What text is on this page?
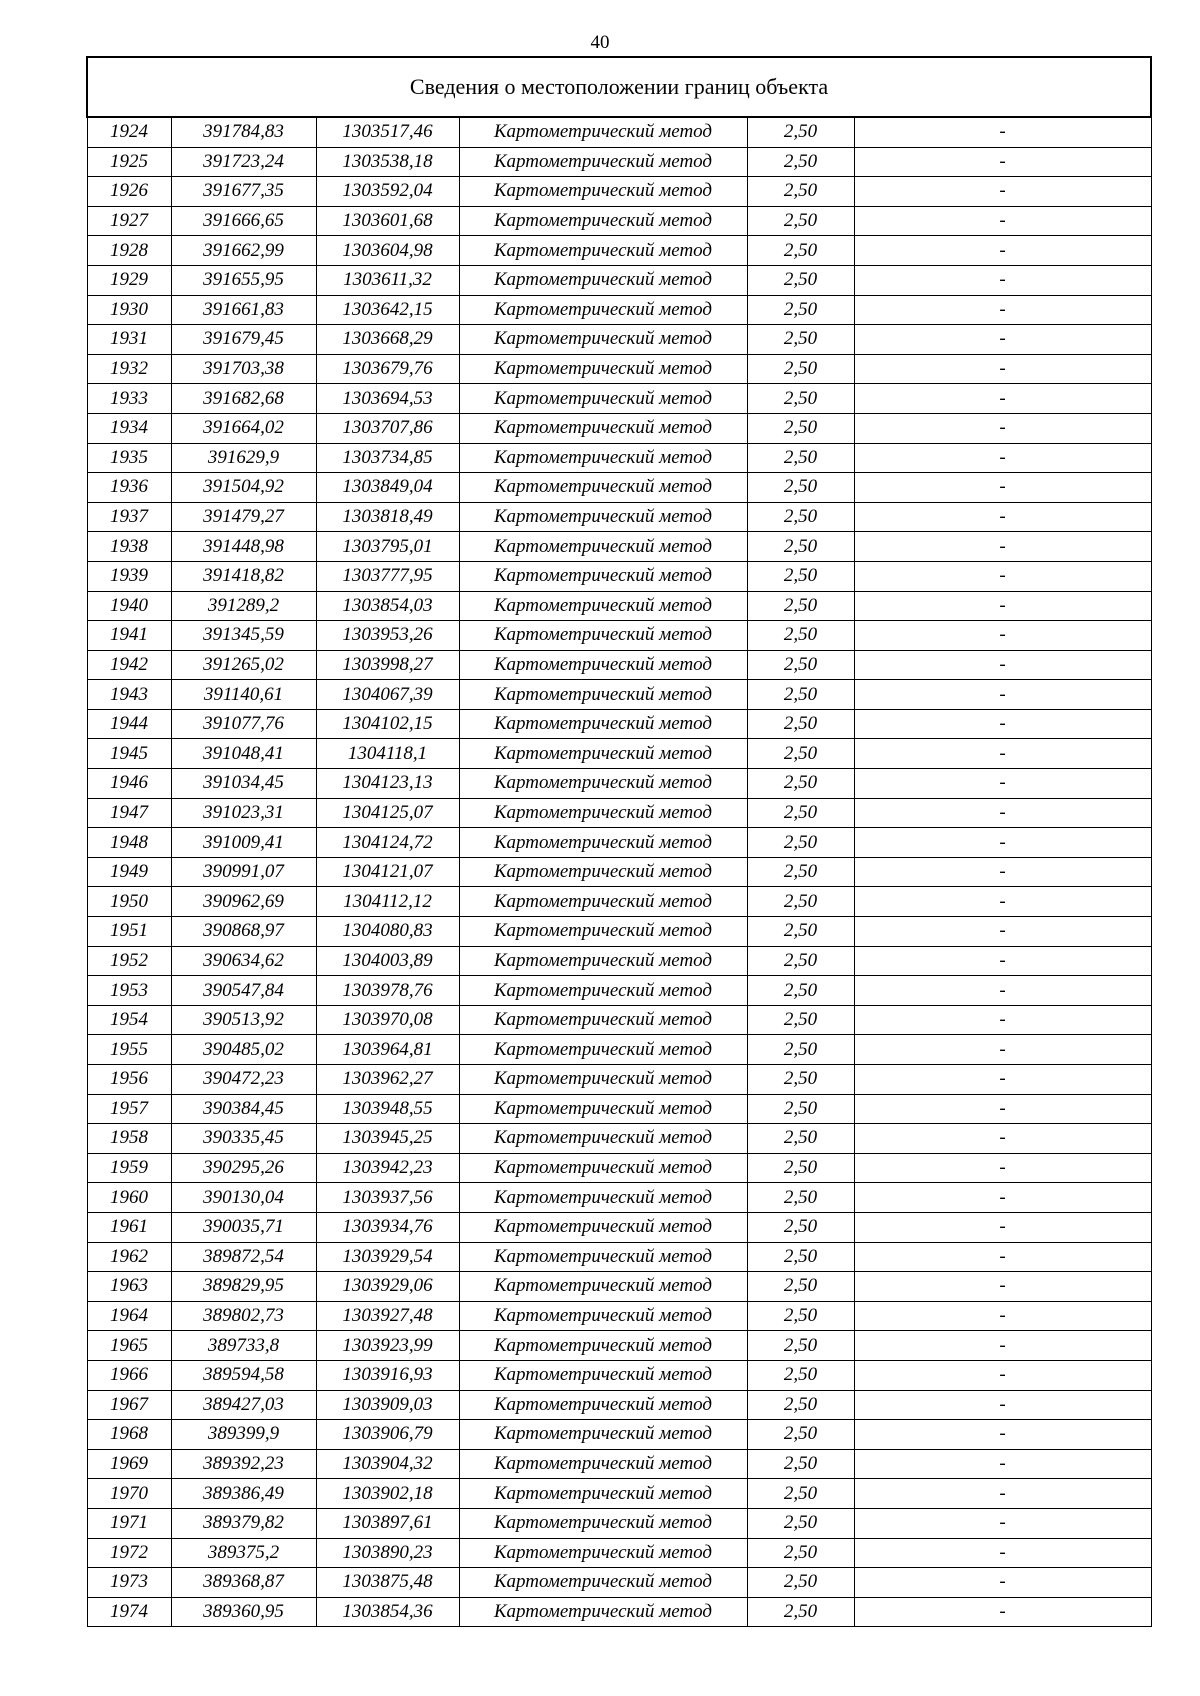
40
Сведения о местоположении границ объекта					
1924	391784,83	1303517,46	Картометрический метод	2,50	-
1925	391723,24	1303538,18	Картометрический метод	2,50	-
1926	391677,35	1303592,04	Картометрический метод	2,50	-
1927	391666,65	1303601,68	Картометрический метод	2,50	-
1928	391662,99	1303604,98	Картометрический метод	2,50	-
1929	391655,95	1303611,32	Картометрический метод	2,50	-
1930	391661,83	1303642,15	Картометрический метод	2,50	-
1931	391679,45	1303668,29	Картометрический метод	2,50	-
1932	391703,38	1303679,76	Картометрический метод	2,50	-
1933	391682,68	1303694,53	Картометрический метод	2,50	-
1934	391664,02	1303707,86	Картометрический метод	2,50	-
1935	391629,9	1303734,85	Картометрический метод	2,50	-
1936	391504,92	1303849,04	Картометрический метод	2,50	-
1937	391479,27	1303818,49	Картометрический метод	2,50	-
1938	391448,98	1303795,01	Картометрический метод	2,50	-
1939	391418,82	1303777,95	Картометрический метод	2,50	-
1940	391289,2	1303854,03	Картометрический метод	2,50	-
1941	391345,59	1303953,26	Картометрический метод	2,50	-
1942	391265,02	1303998,27	Картометрический метод	2,50	-
1943	391140,61	1304067,39	Картометрический метод	2,50	-
1944	391077,76	1304102,15	Картометрический метод	2,50	-
1945	391048,41	1304118,1	Картометрический метод	2,50	-
1946	391034,45	1304123,13	Картометрический метод	2,50	-
1947	391023,31	1304125,07	Картометрический метод	2,50	-
1948	391009,41	1304124,72	Картометрический метод	2,50	-
1949	390991,07	1304121,07	Картометрический метод	2,50	-
1950	390962,69	1304112,12	Картометрический метод	2,50	-
1951	390868,97	1304080,83	Картометрический метод	2,50	-
1952	390634,62	1304003,89	Картометрический метод	2,50	-
1953	390547,84	1303978,76	Картометрический метод	2,50	-
1954	390513,92	1303970,08	Картометрический метод	2,50	-
1955	390485,02	1303964,81	Картометрический метод	2,50	-
1956	390472,23	1303962,27	Картометрический метод	2,50	-
1957	390384,45	1303948,55	Картометрический метод	2,50	-
1958	390335,45	1303945,25	Картометрический метод	2,50	-
1959	390295,26	1303942,23	Картометрический метод	2,50	-
1960	390130,04	1303937,56	Картометрический метод	2,50	-
1961	390035,71	1303934,76	Картометрический метод	2,50	-
1962	389872,54	1303929,54	Картометрический метод	2,50	-
1963	389829,95	1303929,06	Картометрический метод	2,50	-
1964	389802,73	1303927,48	Картометрический метод	2,50	-
1965	389733,8	1303923,99	Картометрический метод	2,50	-
1966	389594,58	1303916,93	Картометрический метод	2,50	-
1967	389427,03	1303909,03	Картометрический метод	2,50	-
1968	389399,9	1303906,79	Картометрический метод	2,50	-
1969	389392,23	1303904,32	Картометрический метод	2,50	-
1970	389386,49	1303902,18	Картометрический метод	2,50	-
1971	389379,82	1303897,61	Картометрический метод	2,50	-
1972	389375,2	1303890,23	Картометрический метод	2,50	-
1973	389368,87	1303875,48	Картометрический метод	2,50	-
1974	389360,95	1303854,36	Картометрический метод	2,50	-
